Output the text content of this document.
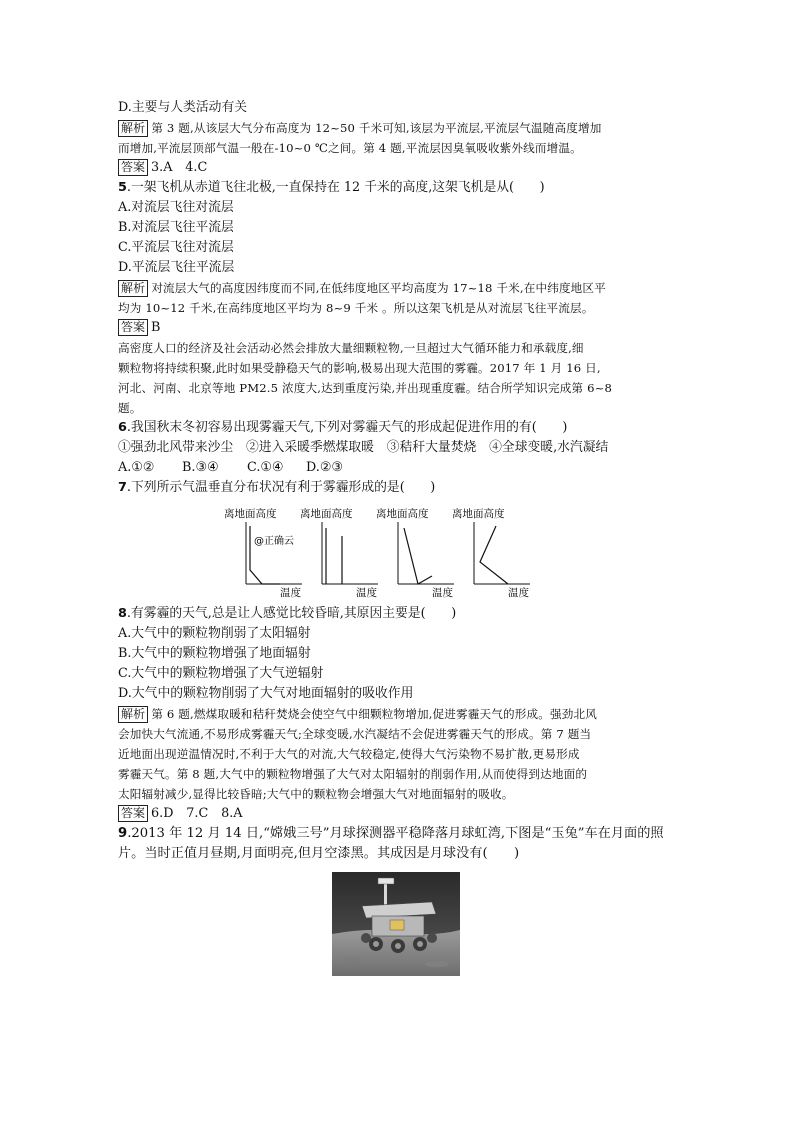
D.主要与人类活动有关
解析 第 3 题,从该层大气分布高度为 12~50 千米可知,该层为平流层,平流层气温随高度增加
而增加,平流层顶部气温一般在-10~0 ℃之间。第 4 题,平流层因臭氧吸收紫外线而增温。
答案 3.A　4.C
5.一架飞机从赤道飞往北极,一直保持在 12 千米的高度,这架飞机是从(　　)
A.对流层飞往对流层
B.对流层飞往平流层
C.平流层飞往对流层
D.平流层飞往平流层
解析 对流层大气的高度因纬度而不同,在低纬度地区平均高度为 17~18 千米,在中纬度地区平
均为 10~12 千米,在高纬度地区平均为 8~9 千米 。所以这架飞机是从对流层飞往平流层。
答案 B
高密度人口的经济及社会活动必然会排放大量细颗粒物,一旦超过大气循环能力和承载度,细
颗粒物将持续积聚,此时如果受静稳天气的影响,极易出现大范围的雾霾。2017 年 1 月 16 日,
河北、河南、北京等地 PM2.5 浓度大,达到重度污染,并出现重度霾。结合所学知识完成第 6~8
题。
6.我国秋末冬初容易出现雾霾天气,下列对雾霾天气的形成起促进作用的有(　　)
①强劲北风带来沙尘　②进入采暖季燃煤取暖　③秸秆大量焚烧　④全球变暖,水汽凝结
A.①②	B.③④	C.①④	D.②③
7.下列所示气温垂直分布状况有利于雾霾形成的是(　　)
离地面高度
温度
@正确云
离地面高度
温度
离地面高度
温度
离地面高度
温度
8.有雾霾的天气,总是让人感觉比较昏暗,其原因主要是(　　)
A.大气中的颗粒物削弱了太阳辐射
B.大气中的颗粒物增强了地面辐射
C.大气中的颗粒物增强了大气逆辐射
D.大气中的颗粒物削弱了大气对地面辐射的吸收作用
解析 第 6 题,燃煤取暖和秸秆焚烧会使空气中细颗粒物增加,促进雾霾天气的形成。强劲北风
会加快大气流通,不易形成雾霾天气;全球变暖,水汽凝结不会促进雾霾天气的形成。第 7 题当
近地面出现逆温情况时,不利于大气的对流,大气较稳定,使得大气污染物不易扩散,更易形成
雾霾天气。第 8 题,大气中的颗粒物增强了大气对太阳辐射的削弱作用,从而使得到达地面的
太阳辐射减少,显得比较昏暗;大气中的颗粒物会增强大气对地面辐射的吸收。
答案 6.D　7.C　8.A
9.2013 年 12 月 14 日,“嫦娥三号”月球探测器平稳降落月球虹湾,下图是“玉兔”车在月面的照
片。当时正值月昼期,月面明亮,但月空漆黑。其成因是月球没有(　　)
